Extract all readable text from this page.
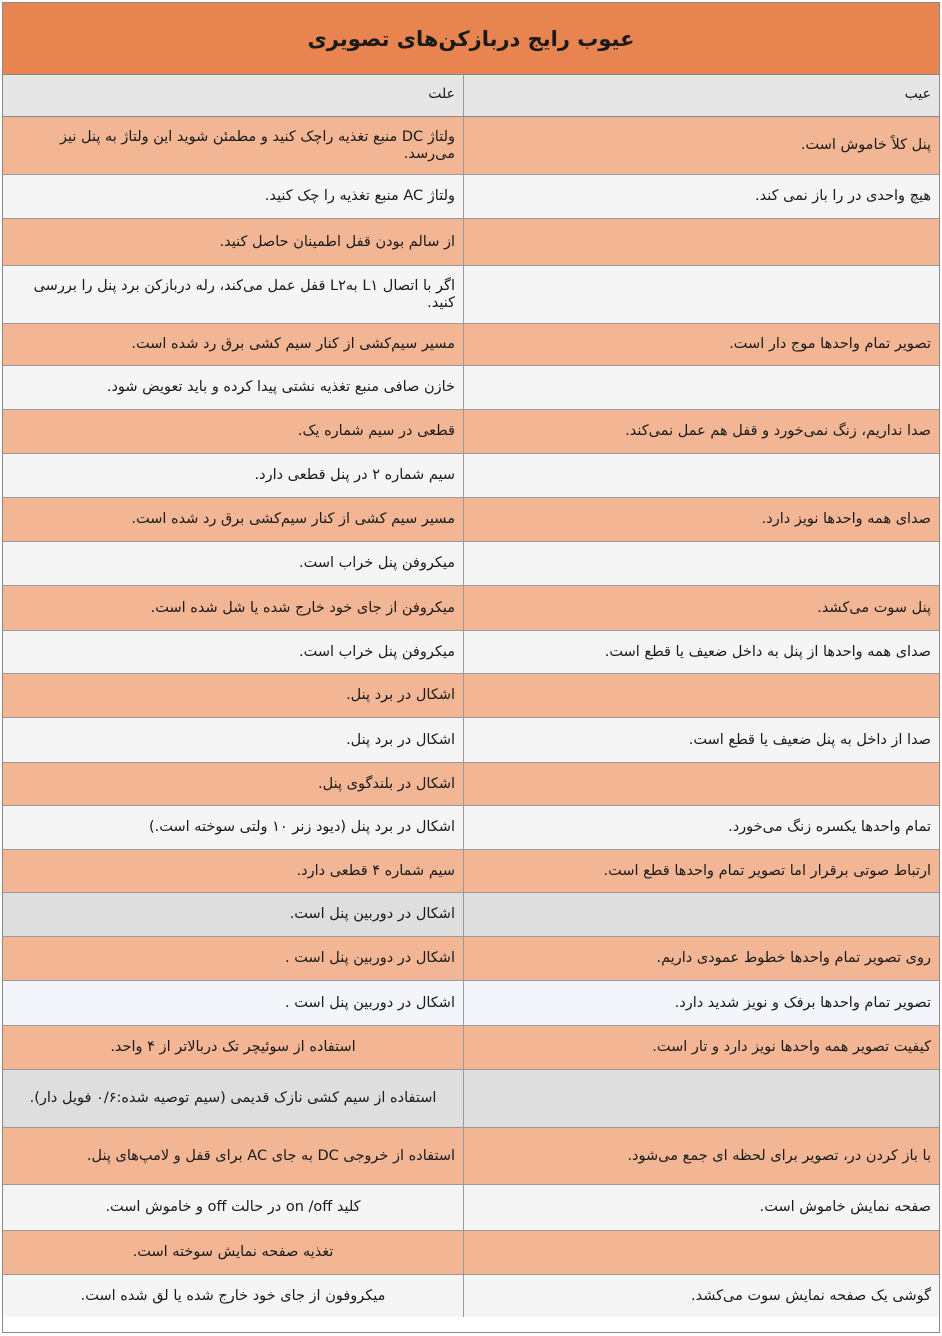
عیوب رایج دربازکن‌های تصویری
عیب
علت
پنل کلاً خاموش است.
ولتاژ DC منبع تغذیه راچک کنید و مطمئن شوید این ولتاژ به پنل نیز می‌رسد.
هیچ واحدی در را باز نمی کند.
ولتاژ AC منبع تغذیه را چک کنید.
از سالم بودن قفل اطمینان حاصل کنید.
اگر با اتصال L۱ بهL۲ قفل عمل می‌کند، رله دربازکن برد پنل را بررسی کنید.
تصویر تمام واحدها موج دار است.
مسیر سیم‌کشی از کنار سیم کشی برق رد شده است.
خازن صافی منبع تغذیه نشتی پیدا کرده و باید تعویض شود.
صدا نداریم، زنگ نمی‌خورد و قفل هم عمل نمی‌کند.
قطعی در سیم شماره یک.
سیم شماره ۲ در پنل قطعی دارد.
صدای همه واحدها نویز دارد.
مسیر سیم کشی از کنار سیم‌کشی برق رد شده است.
میکروفن پنل خراب است.
پنل سوت می‌کشد.
میکروفن از جای خود خارج شده یا شل شده است.
صدای همه واحدها از پنل به داخل ضعیف یا قطع است.
میکروفن پنل خراب است.
اشکال در برد پنل.
صدا از داخل به پنل ضعیف یا قطع است.
اشکال در برد پنل.
اشکال در بلندگوی پنل.
تمام واحدها یکسره زنگ می‌خورد.
اشکال در برد پنل (دیود زنر ۱۰ ولتی سوخته است.)
ارتباط صوتی برقرار اما تصویر تمام واحدها قطع است.
سیم شماره ۴ قطعی دارد.
اشکال در دوربین پنل است.
روی تصویر تمام واحدها خطوط عمودی داریم.
اشکال در دوربین پنل است .
تصویر تمام واحدها برفک و نویز شدید دارد.
اشکال در دوربین پنل است .
کیفیت تصویر همه واحدها نویز دارد و تار است.
استفاده از سوئیچر تک دربالاتر از ۴ واحد.
استفاده از سیم کشی نازک قدیمی (سیم توصیه شده:۰/۶ فویل دار).
با باز کردن در، تصویر برای لحظه ای جمع می‌شود.
استفاده از خروجی DC به جای AC برای قفل و لامپ‌های پنل.
صفحه نمایش خاموش است.
کلید on /off در حالت off و خاموش است.
تغذیه صفحه نمایش سوخته است.
گوشی یک صفحه نمایش سوت می‌کشد.
میکروفون از جای خود خارج شده یا لق شده است.
